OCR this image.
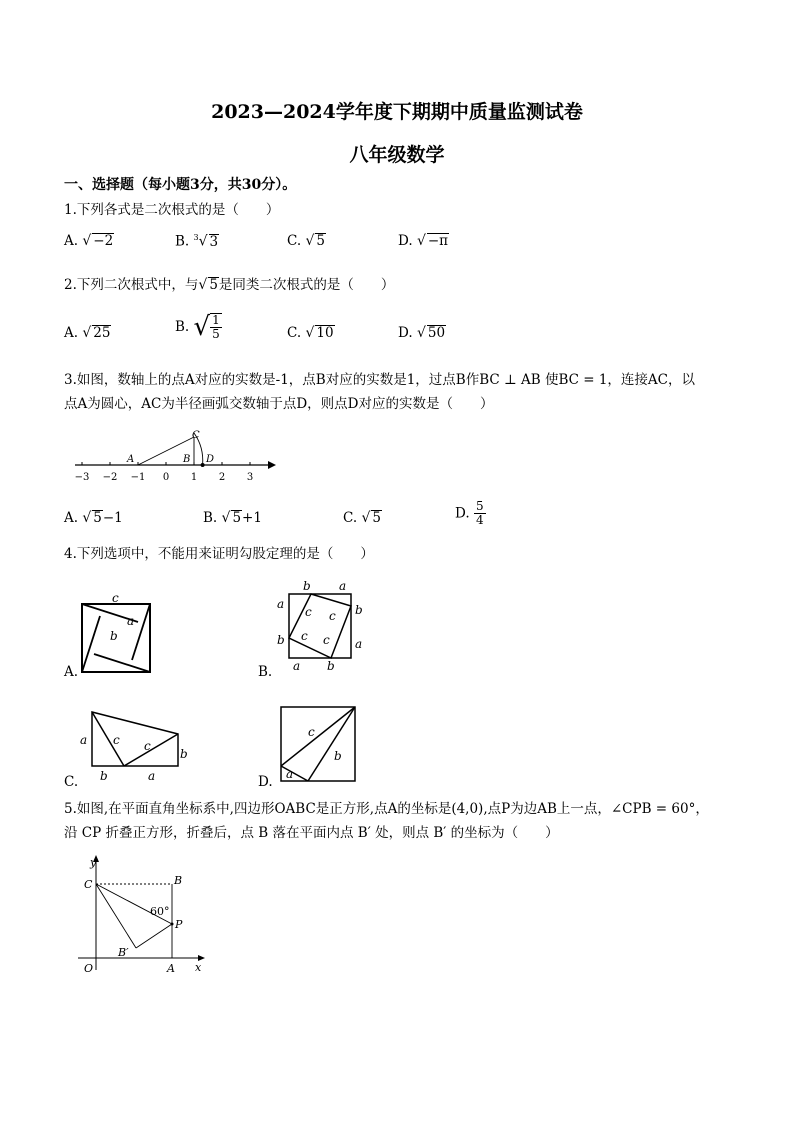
2023—2024学年度下期期中质量监测试卷
八年级数学
一、选择题（每小题3分，共30分）。
1.下列各式是二次根式的是（　　）
A. √ −2	B. $^3$√ 3	C. √ 5	D. √ −π
2.下列二次根式中，与√ 5是同类二次根式的是（　　）
A. √ 25	B. √ $\frac{1}{5}$	C. √ 10	D. √ 50
3.如图，数轴上的点A对应的实数是-1，点B对应的实数是1，过点B作BC ⊥ AB 使BC = 1，连接AC，以
点A为圆心，AC为半径画弧交数轴于点D，则点D对应的实数是（　　）
−3 −2 −1 0 1 2 3
A	B
C
D
A. √ 5−1	B. √ 5+1	C. √ 5	D. $\frac{5}{4}$
4.下列选项中，不能用来证明勾股定理的是（　　）
c
a
b
A.
b a
a	b
b	a
a b
c c
c c
B.
a c c
b
b	a
C.
c
b
a
D.
5.如图,在平面直角坐标系中,四边形OABC是正方形,点A的坐标是(4,0),点P为边AB上一点，∠CPB = 60°，
沿 CP 折叠正方形，折叠后，点 B 落在平面内点 B′ 处，则点 B′ 的坐标为（　　）
y
x
O	A
B
C
P
B′
60°
